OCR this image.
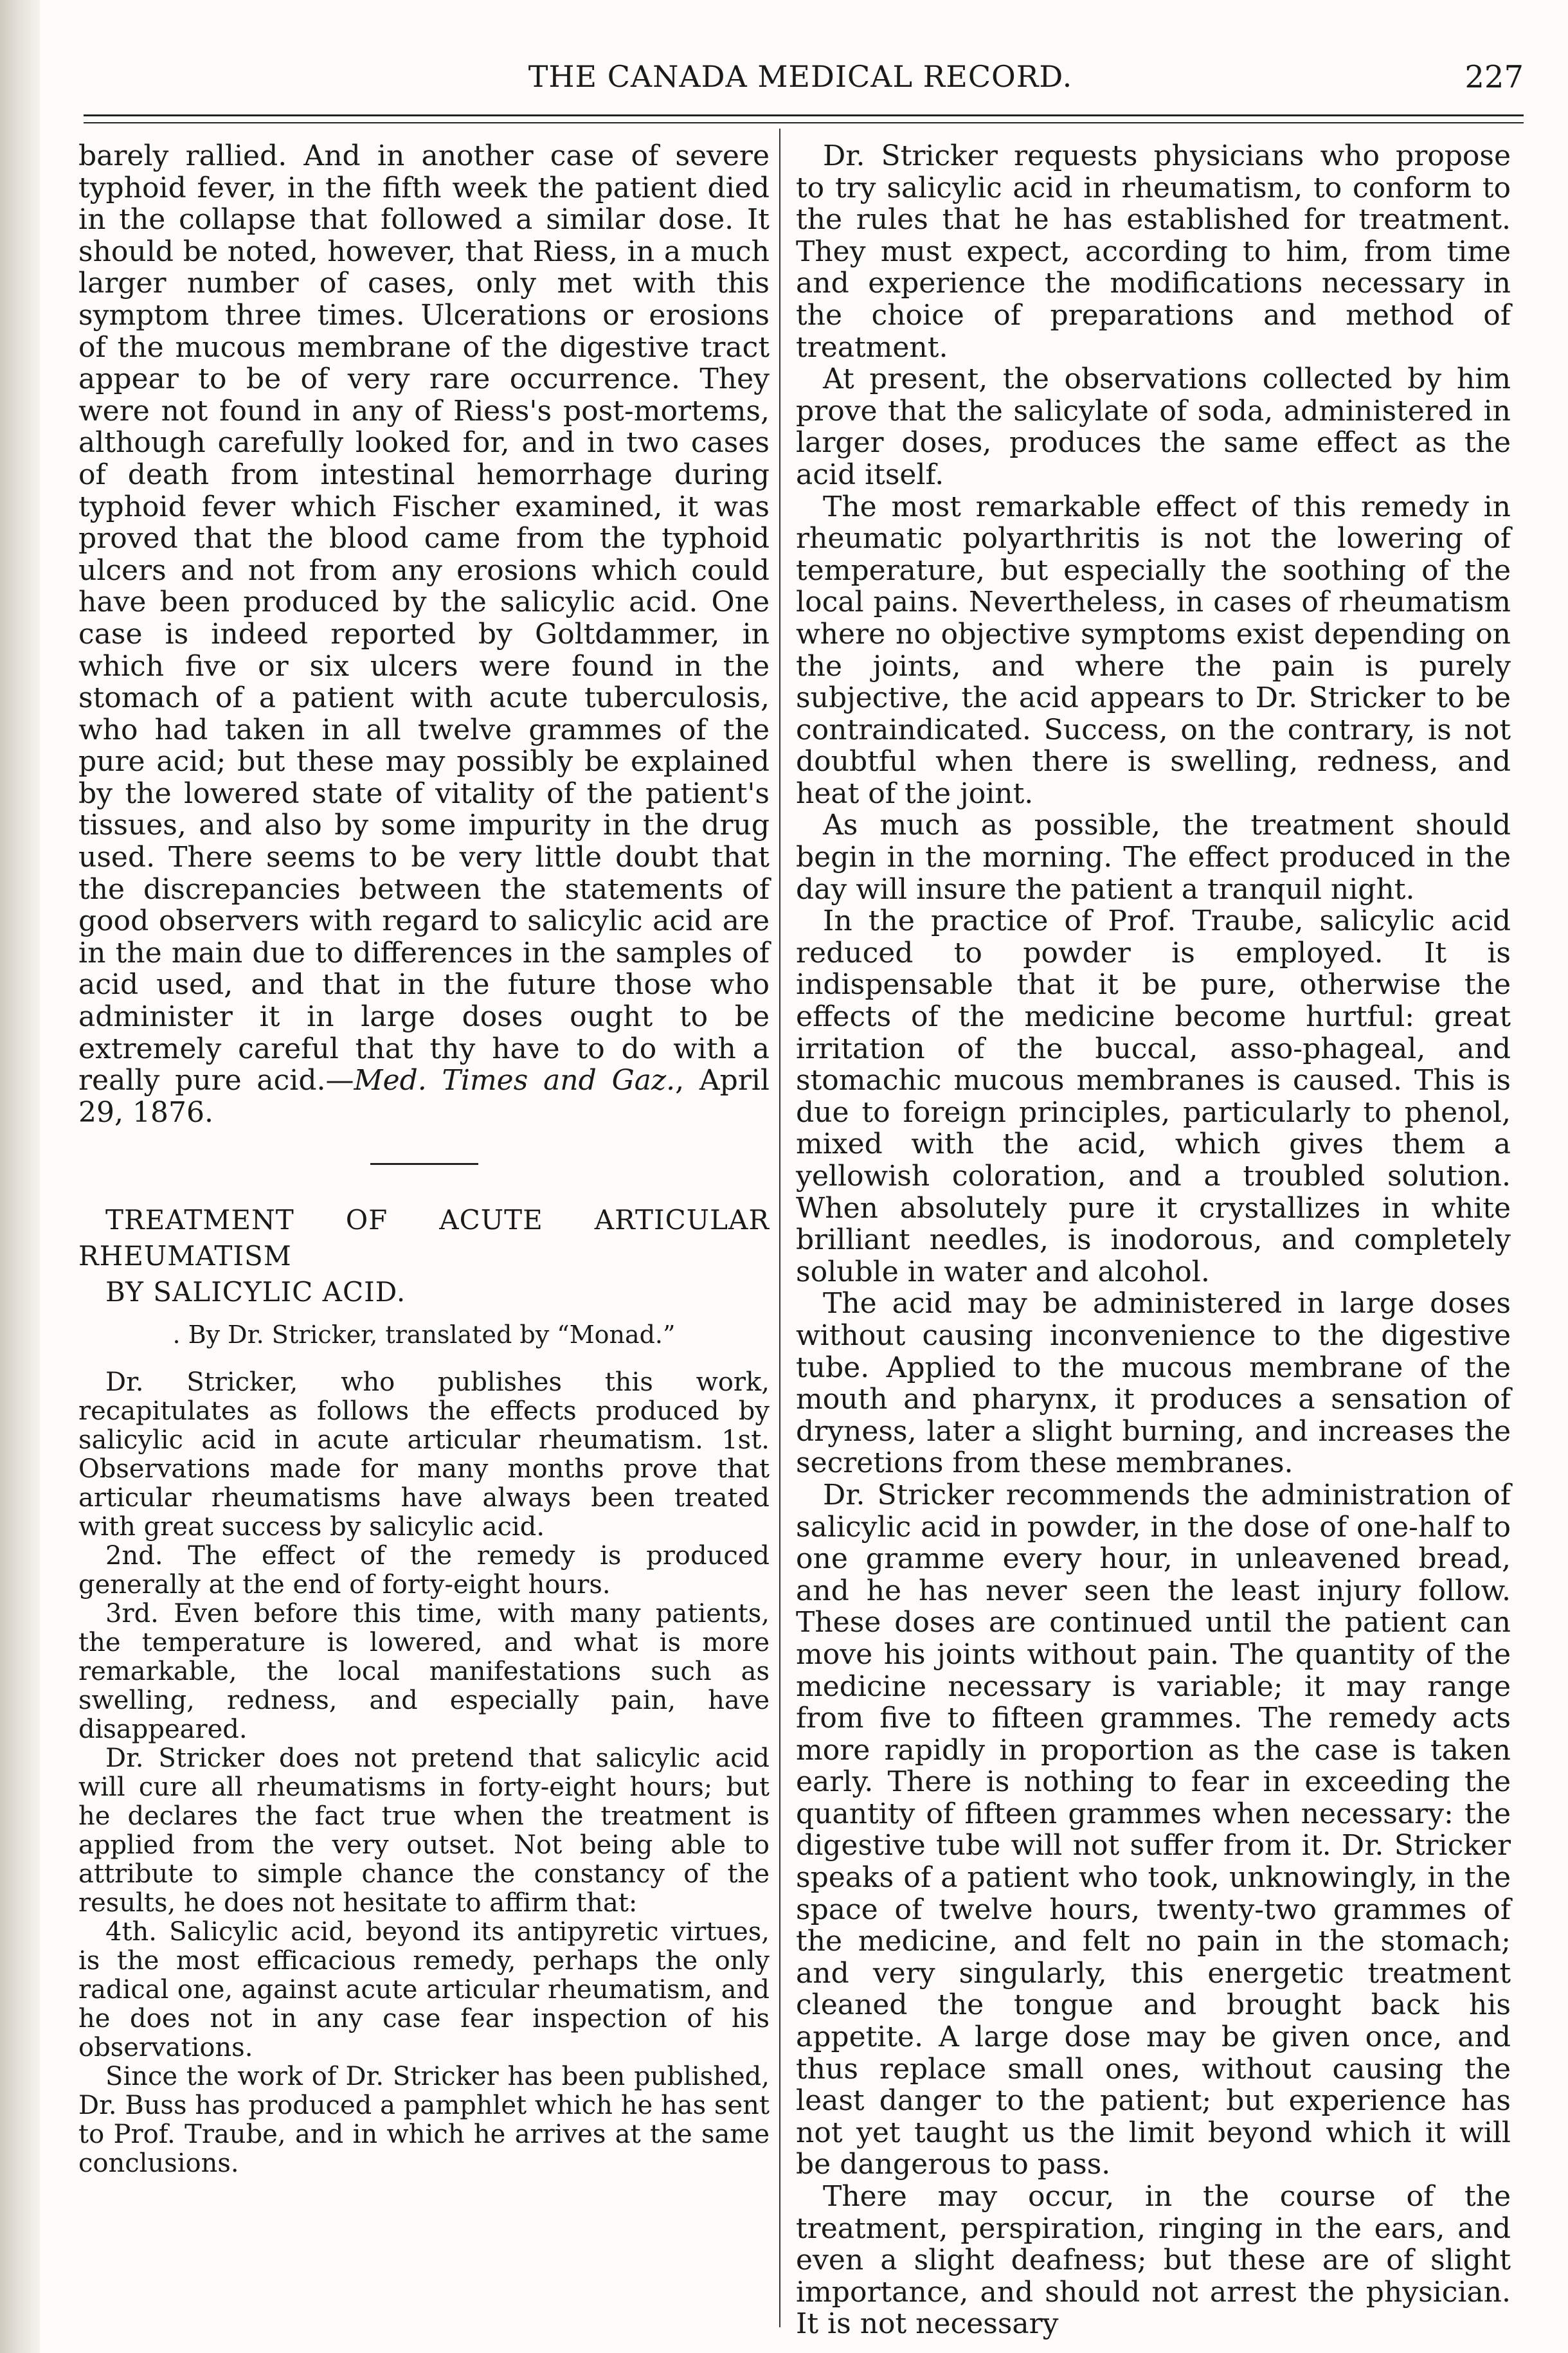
THE CANADA MEDICAL RECORD.	227

barely rallied. And in another case of severe typhoid fever, in the fifth week the patient died in the collapse that followed a similar dose. It should be noted, however, that Riess, in a much larger number of cases, only met with this symptom three times. Ulcerations or erosions of the mucous membrane of the digestive tract appear to be of very rare occurrence. They were not found in any of Riess's post-mortems, although carefully looked for, and in two cases of death from intestinal hemorrhage during typhoid fever which Fischer examined, it was proved that the blood came from the typhoid ulcers and not from any erosions which could have been produced by the salicylic acid. One case is indeed reported by Goltdammer, in which five or six ulcers were found in the stomach of a patient with acute tuberculosis, who had taken in all twelve grammes of the pure acid; but these may possibly be explained by the lowered state of vitality of the patient's tissues, and also by some impurity in the drug used. There seems to be very little doubt that the discrepancies between the statements of good observers with regard to salicylic acid are in the main due to differences in the samples of acid used, and that in the future those who administer it in large doses ought to be extremely careful that thy have to do with a really pure acid.—Med. Times and Gaz., April 29, 1876.

TREATMENT OF ACUTE ARTICULAR RHEUMATISM

BY SALICYLIC ACID.

. By Dr. Stricker, translated by “Monad.”

Dr. Stricker, who publishes this work, recapitulates as follows the effects produced by salicylic acid in acute articular rheumatism. 1st. Observations made for many months prove that articular rheumatisms have always been treated with great success by salicylic acid.

2nd. The effect of the remedy is produced generally at the end of forty-eight hours.

3rd. Even before this time, with many patients, the temperature is lowered, and what is more remarkable, the local manifestations such as swelling, redness, and especially pain, have disappeared.

Dr. Stricker does not pretend that salicylic acid will cure all rheumatisms in forty-eight hours; but he declares the fact true when the treatment is applied from the very outset. Not being able to attribute to simple chance the constancy of the results, he does not hesitate to affirm that:

4th. Salicylic acid, beyond its antipyretic virtues, is the most efficacious remedy, perhaps the only radical one, against acute articular rheumatism, and he does not in any case fear inspection of his observations.

Since the work of Dr. Stricker has been published, Dr. Buss has produced a pamphlet which he has sent to Prof. Traube, and in which he arrives at the same conclusions.

Dr. Stricker requests physicians who propose to try salicylic acid in rheumatism, to conform to the rules that he has established for treatment. They must expect, according to him, from time and experience the modifications necessary in the choice of preparations and method of treatment.

At present, the observations collected by him prove that the salicylate of soda, administered in larger doses, produces the same effect as the acid itself.

The most remarkable effect of this remedy in rheumatic polyarthritis is not the lowering of temperature, but especially the soothing of the local pains. Nevertheless, in cases of rheumatism where no objective symptoms exist depending on the joints, and where the pain is purely subjective, the acid appears to Dr. Stricker to be contraindicated. Success, on the contrary, is not doubtful when there is swelling, redness, and heat of the joint.

As much as possible, the treatment should begin in the morning. The effect produced in the day will insure the patient a tranquil night.

In the practice of Prof. Traube, salicylic acid reduced to powder is employed. It is indispensable that it be pure, otherwise the effects of the medicine become hurtful: great irritation of the buccal, asso-phageal, and stomachic mucous membranes is caused. This is due to foreign principles, particularly to phenol, mixed with the acid, which gives them a yellowish coloration, and a troubled solution. When absolutely pure it crystallizes in white brilliant needles, is inodorous, and completely soluble in water and alcohol.

The acid may be administered in large doses without causing inconvenience to the digestive tube. Applied to the mucous membrane of the mouth and pharynx, it produces a sensation of dryness, later a slight burning, and increases the secretions from these membranes.

Dr. Stricker recommends the administration of salicylic acid in powder, in the dose of one-half to one gramme every hour, in unleavened bread, and he has never seen the least injury follow. These doses are continued until the patient can move his joints without pain. The quantity of the medicine necessary is variable; it may range from five to fifteen grammes. The remedy acts more rapidly in proportion as the case is taken early. There is nothing to fear in exceeding the quantity of fifteen grammes when necessary: the digestive tube will not suffer from it. Dr. Stricker speaks of a patient who took, unknowingly, in the space of twelve hours, twenty-two grammes of the medicine, and felt no pain in the stomach; and very singularly, this energetic treatment cleaned the tongue and brought back his appetite. A large dose may be given once, and thus replace small ones, without causing the least danger to the patient; but experience has not yet taught us the limit beyond which it will be dangerous to pass.

There may occur, in the course of the treatment, perspiration, ringing in the ears, and even a slight deafness; but these are of slight importance, and should not arrest the physician. It is not necessary
